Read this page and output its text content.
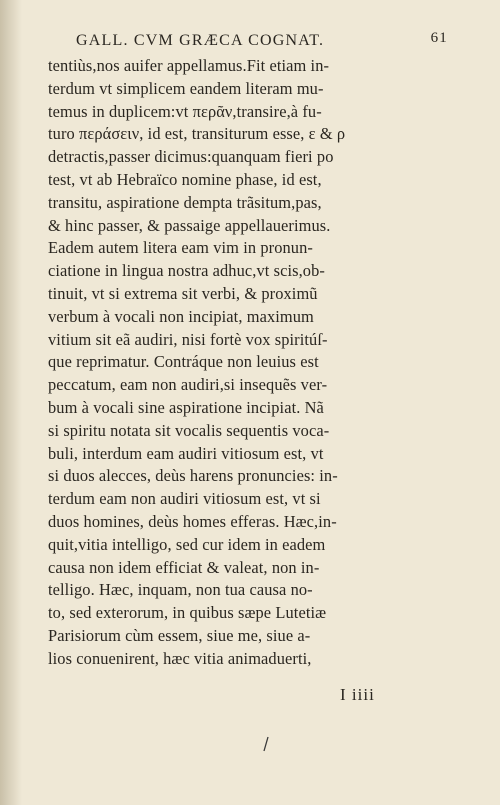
GALL. CVM GRÆCA COGNAT.	61
tentiùs,nos auifer appellamus.Fit etiam in-
terdum vt simplicem eandem literam mu-
temus in duplicem:vt περᾶν,transire,à fu-
turo περάσειν, id est, transiturum esse, ε & ρ
detractis,passer dicimus:quanquam fieri po
test, vt ab Hebraïco nomine phase, id est,
transitu, aspiratione dempta trãsitum,pas,
& hinc passer, & passaige appellauerimus.
Eadem autem litera eam vim in pronun-
ciatione in lingua nostra adhuc,vt scis,ob-
tinuit, vt si extrema sit verbi, & proximũ
verbum à vocali non incipiat, maximum
vitium sit eã audiri, nisi fortè vox spiritúſ-
que reprimatur. Contráque non leuius est
peccatum, eam non audiri,si insequẽs ver-
bum à vocali sine aspiratione incipiat. Nã
si spiritu notata sit vocalis sequentis voca-
buli, interdum eam audiri vitiosum est, vt
si duos alecces, deùs harens pronuncies: in-
terdum eam non audiri vitiosum est, vt si
duos homines, deùs homes efferas. Hæc,in-
quit,vitia intelligo, sed cur idem in eadem
causa non idem efficiat & valeat, non in-
telligo. Hæc, inquam, non tua causa no-
to, sed exterorum, in quibus sæpe Lutetiæ
Parisiorum cùm essem, siue me, siue a-
lios conuenirent, hæc vitia animaduerti,
I iiii
